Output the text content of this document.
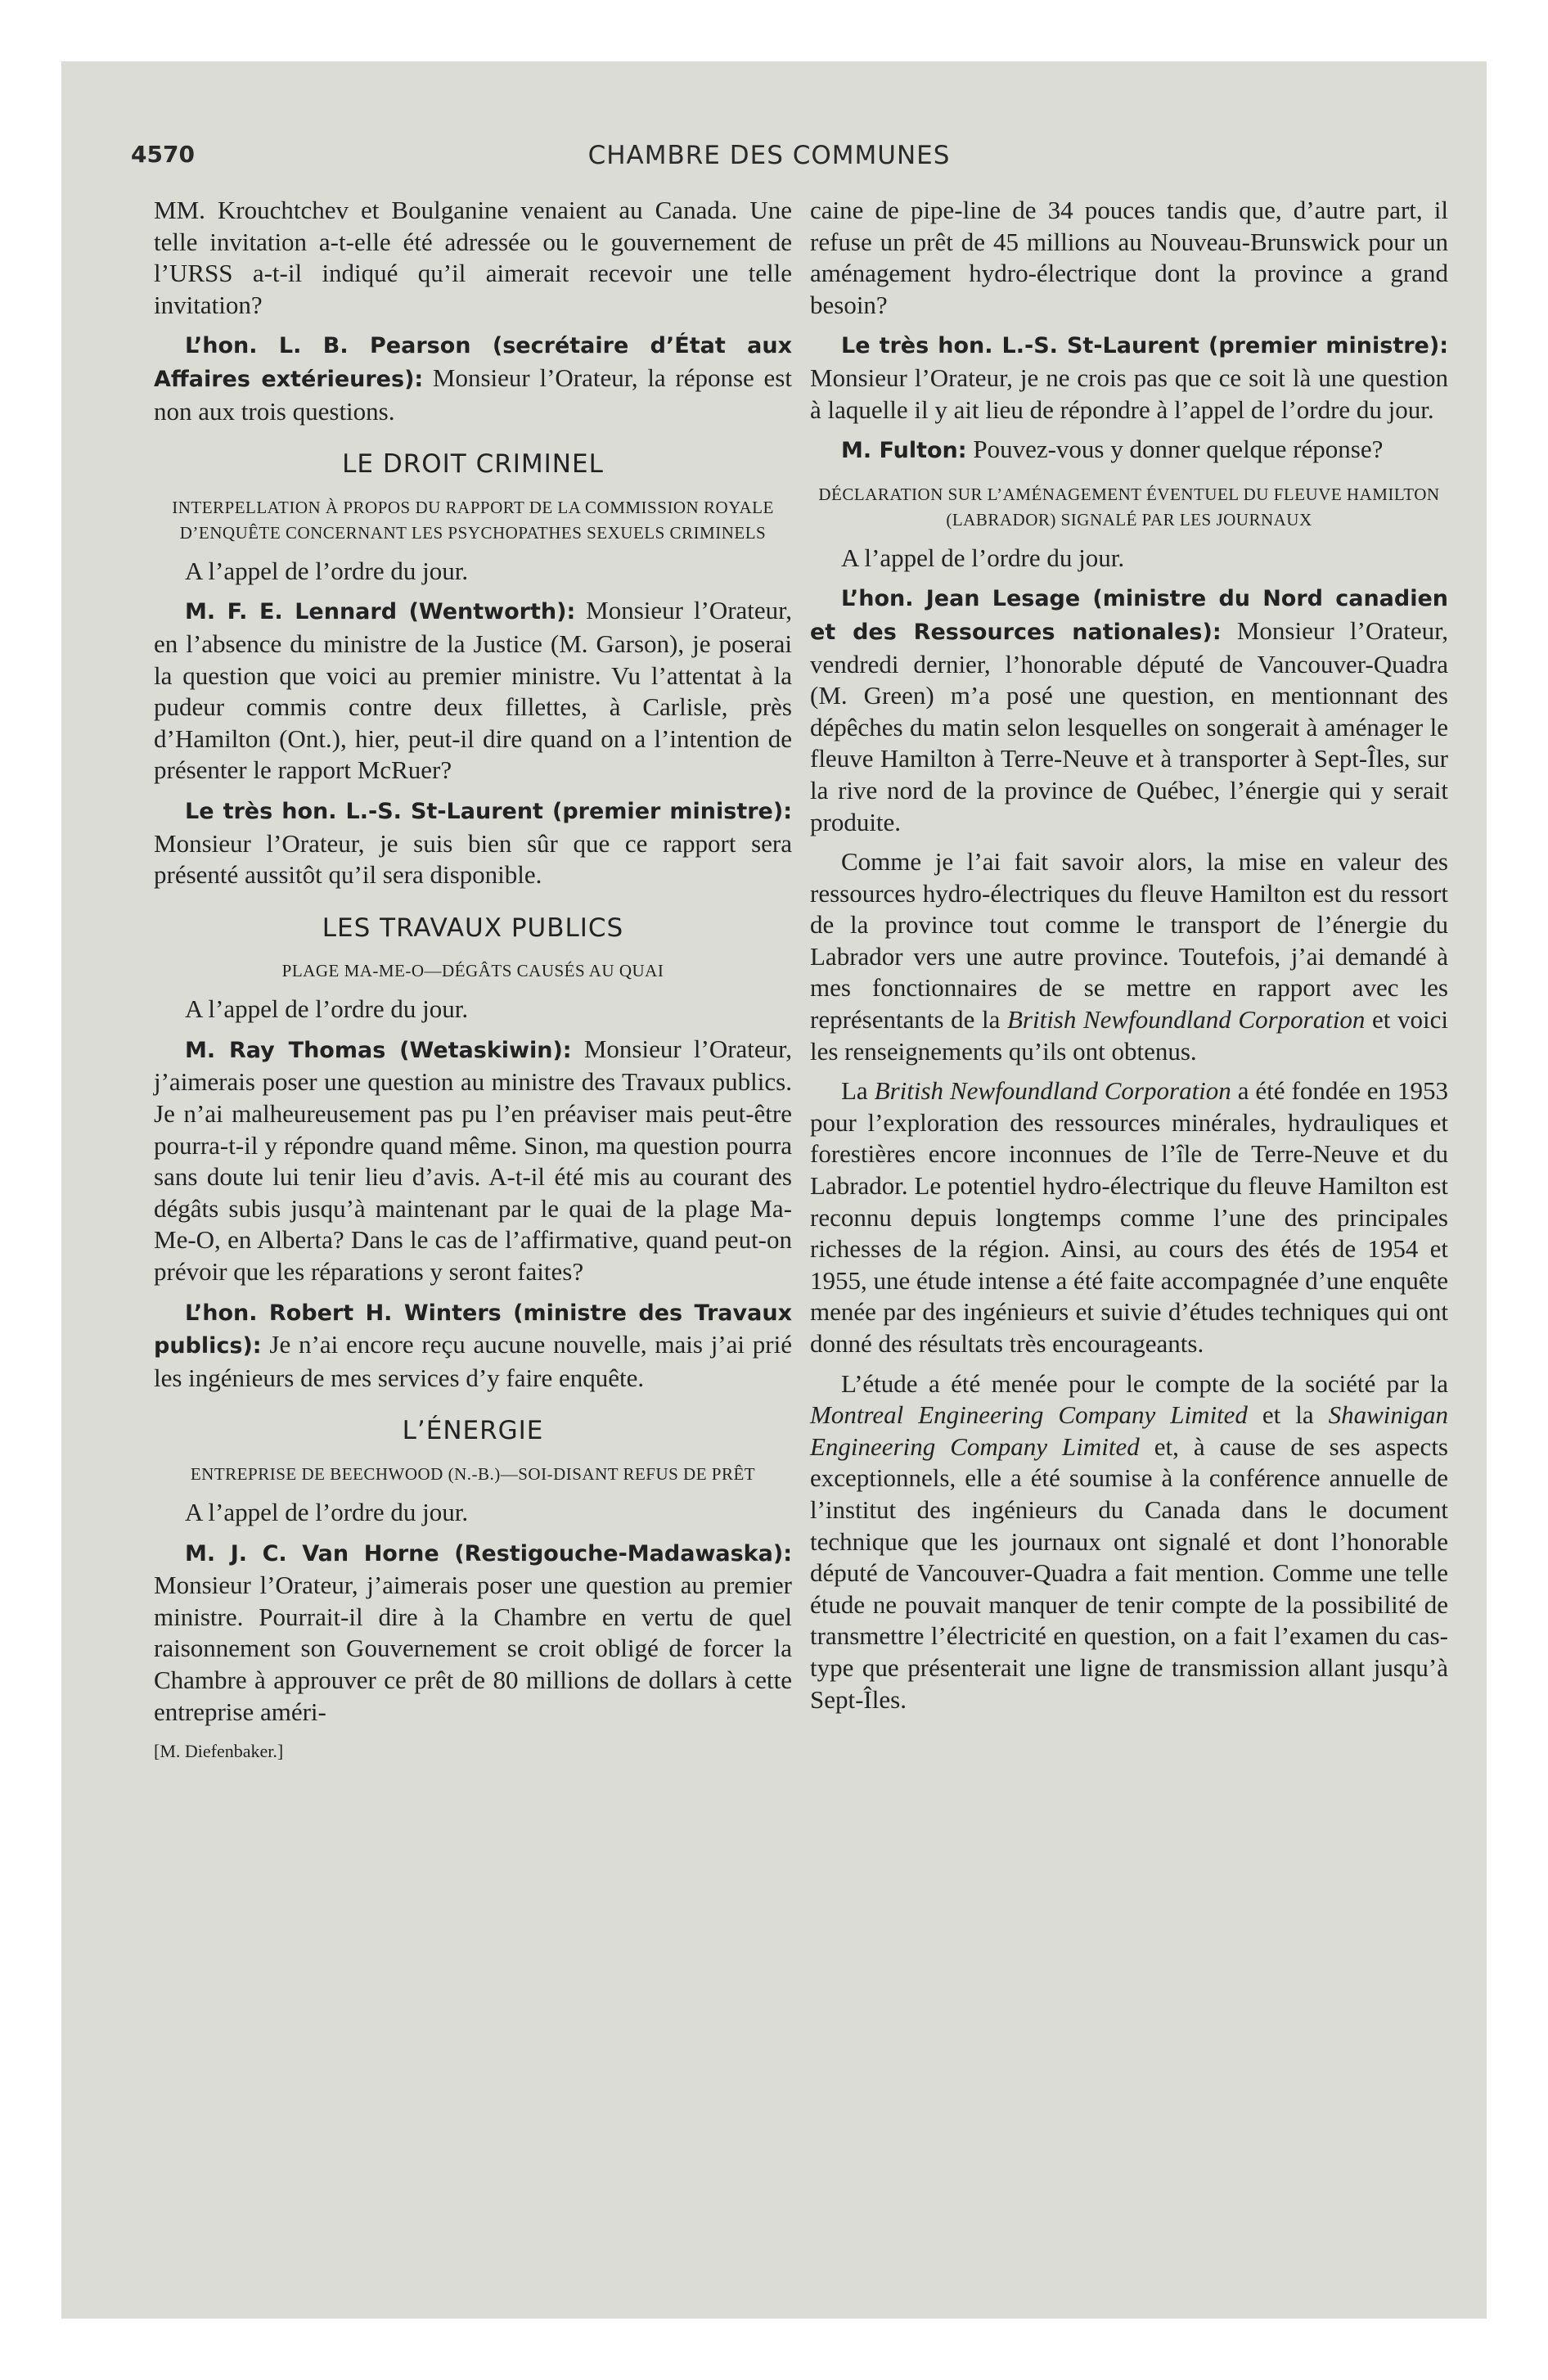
4570	CHAMBRE DES COMMUNES

MM. Krouchtchev et Boulganine venaient au Canada. Une telle invitation a-t-elle été adressée ou le gouvernement de l’URSS a-t-il indiqué qu’il aimerait recevoir une telle invitation?

L’hon. L. B. Pearson (secrétaire d’État aux Affaires extérieures): Monsieur l’Orateur, la réponse est non aux trois questions.

LE DROIT CRIMINEL
INTERPELLATION À PROPOS DU RAPPORT DE LA COMMISSION ROYALE D’ENQUÊTE CONCERNANT LES PSYCHOPATHES SEXUELS CRIMINELS

A l’appel de l’ordre du jour.

M. F. E. Lennard (Wentworth): Monsieur l’Orateur, en l’absence du ministre de la Justice (M. Garson), je poserai la question que voici au premier ministre. Vu l’attentat à la pudeur commis contre deux fillettes, à Carlisle, près d’Hamilton (Ont.), hier, peut-il dire quand on a l’intention de présenter le rapport McRuer?

Le très hon. L.-S. St-Laurent (premier ministre): Monsieur l’Orateur, je suis bien sûr que ce rapport sera présenté aussitôt qu’il sera disponible.

LES TRAVAUX PUBLICS
PLAGE MA-ME-O—DÉGÂTS CAUSÉS AU QUAI

A l’appel de l’ordre du jour.

M. Ray Thomas (Wetaskiwin): Monsieur l’Orateur, j’aimerais poser une question au ministre des Travaux publics. Je n’ai malheureusement pas pu l’en préaviser mais peut-être pourra-t-il y répondre quand même. Sinon, ma question pourra sans doute lui tenir lieu d’avis. A-t-il été mis au courant des dégâts subis jusqu’à maintenant par le quai de la plage Ma-Me-O, en Alberta? Dans le cas de l’affirmative, quand peut-on prévoir que les réparations y seront faites?

L’hon. Robert H. Winters (ministre des Travaux publics): Je n’ai encore reçu aucune nouvelle, mais j’ai prié les ingénieurs de mes services d’y faire enquête.

L’ÉNERGIE
ENTREPRISE DE BEECHWOOD (N.-B.)—SOI-DISANT REFUS DE PRÊT

A l’appel de l’ordre du jour.

M. J. C. Van Horne (Restigouche-Madawaska): Monsieur l’Orateur, j’aimerais poser une question au premier ministre. Pourrait-il dire à la Chambre en vertu de quel raisonnement son Gouvernement se croit obligé de forcer la Chambre à approuver ce prêt de 80 millions de dollars à cette entreprise améri-

[M. Diefenbaker.]

caine de pipe-line de 34 pouces tandis que, d’autre part, il refuse un prêt de 45 millions au Nouveau-Brunswick pour un aménagement hydro-électrique dont la province a grand besoin?

Le très hon. L.-S. St-Laurent (premier ministre): Monsieur l’Orateur, je ne crois pas que ce soit là une question à laquelle il y ait lieu de répondre à l’appel de l’ordre du jour.

M. Fulton: Pouvez-vous y donner quelque réponse?

DÉCLARATION SUR L’AMÉNAGEMENT ÉVENTUEL DU FLEUVE HAMILTON (LABRADOR) SIGNALÉ PAR LES JOURNAUX

A l’appel de l’ordre du jour.

L’hon. Jean Lesage (ministre du Nord canadien et des Ressources nationales): Monsieur l’Orateur, vendredi dernier, l’honorable député de Vancouver-Quadra (M. Green) m’a posé une question, en mentionnant des dépêches du matin selon lesquelles on songerait à aménager le fleuve Hamilton à Terre-Neuve et à transporter à Sept-Îles, sur la rive nord de la province de Québec, l’énergie qui y serait produite.

Comme je l’ai fait savoir alors, la mise en valeur des ressources hydro-électriques du fleuve Hamilton est du ressort de la province tout comme le transport de l’énergie du Labrador vers une autre province. Toutefois, j’ai demandé à mes fonctionnaires de se mettre en rapport avec les représentants de la British Newfoundland Corporation et voici les renseignements qu’ils ont obtenus.

La British Newfoundland Corporation a été fondée en 1953 pour l’exploration des ressources minérales, hydrauliques et forestières encore inconnues de l’île de Terre-Neuve et du Labrador. Le potentiel hydro-électrique du fleuve Hamilton est reconnu depuis longtemps comme l’une des principales richesses de la région. Ainsi, au cours des étés de 1954 et 1955, une étude intense a été faite accompagnée d’une enquête menée par des ingénieurs et suivie d’études techniques qui ont donné des résultats très encourageants.

L’étude a été menée pour le compte de la société par la Montreal Engineering Company Limited et la Shawinigan Engineering Company Limited et, à cause de ses aspects exceptionnels, elle a été soumise à la conférence annuelle de l’institut des ingénieurs du Canada dans le document technique que les journaux ont signalé et dont l’honorable député de Vancouver-Quadra a fait mention. Comme une telle étude ne pouvait manquer de tenir compte de la possibilité de transmettre l’électricité en question, on a fait l’examen du cas-type que présenterait une ligne de transmission allant jusqu’à Sept-Îles.
